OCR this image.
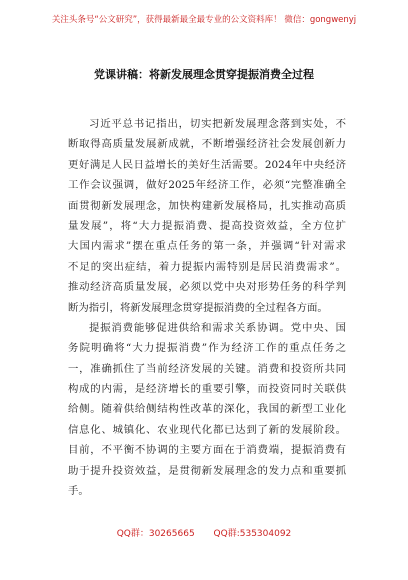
关注头条号“公文研究”，获得最新最全最专业的公文资料库！ 微信：gongwenyj
党课讲稿：将新发展理念贯穿提振消费全过程
习近平总书记指出，切实把新发展理念落到实处，不
断取得高质量发展新成就，不断增强经济社会发展创新力
更好满足人民日益增长的美好生活需要。2024年中央经济
工作会议强调，做好2025年经济工作，必须“完整准确全
面贯彻新发展理念，加快构建新发展格局，扎实推动高质
量发展”，将“大力提振消费、提高投资效益，全方位扩
大国内需求”摆在重点任务的第一条，并强调“针对需求
不足的突出症结，着力提振内需特别是居民消费需求”。
推动经济高质量发展，必须以党中央对形势任务的科学判
断为指引，将新发展理念贯穿提振消费的全过程各方面。
提振消费能够促进供给和需求关系协调。党中央、国
务院明确将“大力提振消费”作为经济工作的重点任务之
一，准确抓住了当前经济发展的关键。消费和投资所共同
构成的内需，是经济增长的重要引擎，而投资同时关联供
给侧。随着供给侧结构性改革的深化，我国的新型工业化
信息化、城镇化、农业现代化都已达到了新的发展阶段。
目前，不平衡不协调的主要方面在于消费端，提振消费有
助于提升投资效益，是贯彻新发展理念的发力点和重要抓
手。
QQ群：30265665 QQ群:535304092
